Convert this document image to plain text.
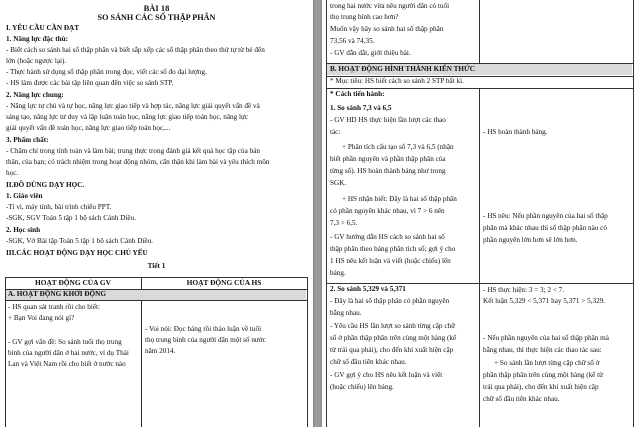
BÀI 18
SO SÁNH CÁC SỐ THẬP PHÂN
I. YÊU CẦU CẦN ĐẠT
1. Năng lực đặc thù:
- Biết cách so sánh hai số thập phân và biết sắp xếp các số thập phân theo thứ tự từ bé đến
lớn (hoặc ngược lại).
- Thực hành sử dụng số thập phân trong đọc, viết các số đo đại lượng.
- HS làm được các bài tập liên quan đến việc so sánh STP.
2. Năng lực chung:
- Năng lực tự chủ và tự học, năng lực giao tiếp và hợp tác, năng lực giải quyết vấn đề và
sáng tạo, năng lực tư duy và lập luận toán học, năng lực giao tiếp toán học, năng lực
giải quyết vấn đề toán học, năng lực giao tiếp toán học,...
3. Phẩm chất:
- Chăm chỉ trong tính toán và làm bài; trung thực trong đánh giá kết quả học tập của bản
thân, của bạn; có trách nhiệm trong hoạt động nhóm, cẩn thận khi làm bài và yêu thích môn
học.
II.ĐỒ DÙNG DẠY HỌC.
1. Giáo viên
-Ti vi, máy tính, bài trình chiếu PPT.
-SGK, SGV Toán 5 tập 1 bộ sách Cánh Diều.
2. Học sinh
-SGK, Vở Bài tập Toán 5 tập 1 bộ sách Cánh Diều.
III.CÁC HOẠT ĐỘNG DẠY HỌC CHỦ YẾU
Tiết 1
HOẠT ĐỘNG CỦA GV	HOẠT ĐỘNG CỦA HS
A. HOẠT ĐỘNG KHỞI ĐỘNG
- HS quan sát tranh rồi cho biết:
+ Bạn Voi đang nói gì?
- GV gợi vấn đề: So sánh tuổi thọ trung
bình của người dân ở hai nước, ví dụ Thái
Lan và Việt Nam rồi cho biết ở nước nào
- Voi nói: Đọc bảng rồi thảo luận về tuổi
thọ trung bình của người dân một số nước
năm 2014.
trong hai nước vừa nêu người dân có tuổi
thọ trung bình cao hơn?
Muốn vậy hãy so sánh hai số thập phân
73,56 và 74,35.
- GV dẫn dắt, giới thiệu bài.
B. HOẠT ĐỘNG HÌNH THÀNH KIẾN THỨC
* Mục tiêu: HS biết cách so sánh 2 STP bất kì.
* Cách tiến hành:
1. So sánh 7,3 và 6,5
- GV HD HS thực hiện lần lượt các thao
tác:
+ Phân tích cấu tạo số 7,3 và 6,5 (nhận
biết phần nguyên và phần thập phân của
từng số). HS hoàn thành bảng như trong
SGK.
+ HS nhận biết: Đây là hai số thập phân
có phần nguyên khác nhau, vì 7 > 6 nên
7,3 > 6,5.
- GV hướng dẫn HS cách so sánh hai số
thập phân theo bảng phân tích số; gợi ý cho
1 HS nêu kết luận và viết (hoặc chiếu) lên
bảng.
- HS hoàn thành bảng.
- HS nêu: Nếu phần nguyên của hai số thập
phân mà khác nhau thì số thập phân nào có
phần nguyên lớn hơn sẽ lớn hơn.
2. So sánh 5,329 và 5,371
- Đây là hai số thập phân có phần nguyên
bằng nhau.
- Yêu cầu HS lần lượt so sánh từng cặp chữ
số ở phần thập phân trên cùng một hàng (kể
từ trái qua phải), cho đến khi xuất hiện cặp
chữ số đầu tiên khác nhau.
- GV gợi ý cho HS nêu kết luận và viết
(hoặc chiếu) lên bảng.
- HS thực hiện: 3 = 3; 2 < 7.
Kết luận 5,329 < 5,371 hay 5,371 > 5,329.
- Nếu phần nguyên của hai số thập phân mà
bằng nhau, thì thực hiện các thao tác sau:
+ So sánh lần lượt từng cặp chữ số ở
phần thập phân trên cùng một hàng (kể từ
trái qua phải), cho đến khi xuất hiện cặp
chữ số đầu tiên khác nhau.
